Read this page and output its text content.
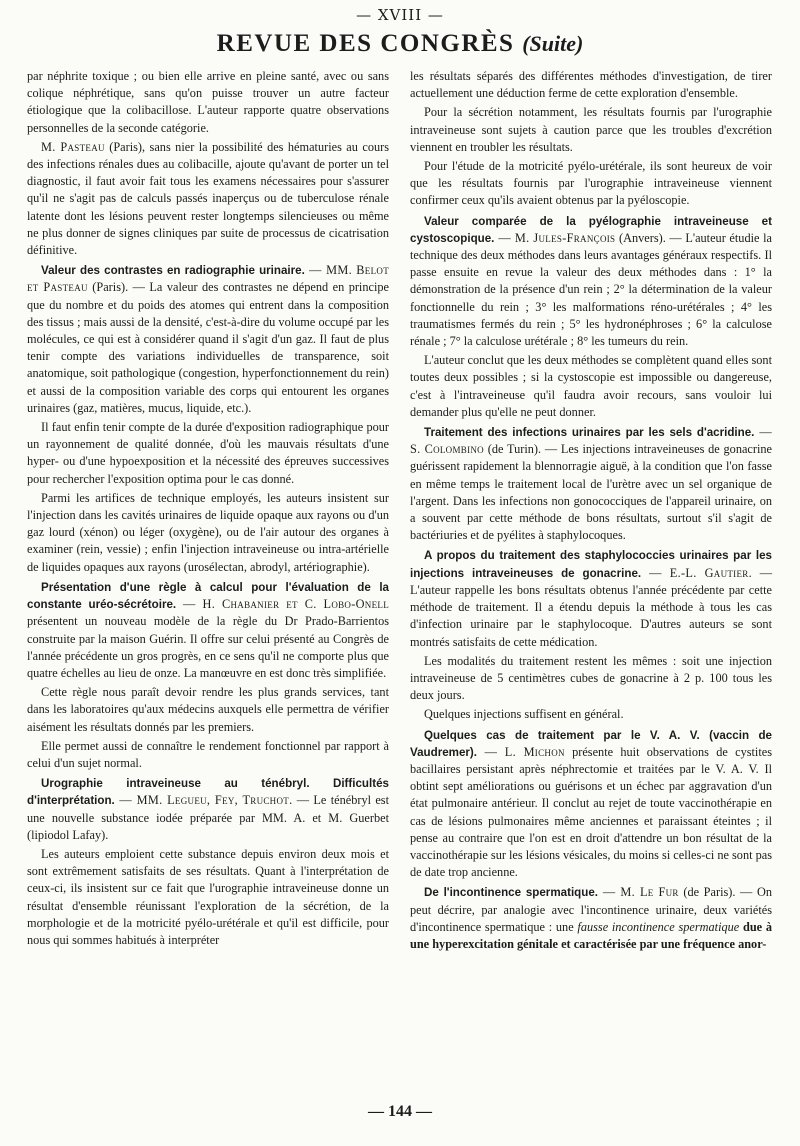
— XVIII —
REVUE DES CONGRÈS (Suite)

par néphrite toxique ; ou bien elle arrive en pleine santé, avec ou sans colique néphrétique, sans qu'on puisse trouver un autre facteur étiologique que la colibacillose. L'auteur rapporte quatre observations personnelles de la seconde catégorie.

M. Pasteau (Paris), sans nier la possibilité des hématuries au cours des infections rénales dues au colibacille, ajoute qu'avant de porter un tel diagnostic, il faut avoir fait tous les examens nécessaires pour s'assurer qu'il ne s'agit pas de calculs passés inaperçus ou de tuberculose rénale latente dont les lésions peuvent rester longtemps silencieuses ou même ne plus donner de signes cliniques par suite de processus de cicatrisation définitive.

Valeur des contrastes en radiographie urinaire. — MM. Belot et Pasteau (Paris). — La valeur des contrastes ne dépend en principe que du nombre et du poids des atomes qui entrent dans la composition des tissus ; mais aussi de la densité, c'est-à-dire du volume occupé par les molécules, ce qui est à considérer quand il s'agit d'un gaz. Il faut de plus tenir compte des variations individuelles de transparence, soit anatomique, soit pathologique (congestion, hyperfonctionnement du rein) et aussi de la composition variable des corps qui entourent les organes urinaires (gaz, matières, mucus, liquide, etc.).

Il faut enfin tenir compte de la durée d'exposition radiographique pour un rayonnement de qualité donnée, d'où les mauvais résultats d'une hyper- ou d'une hypoexposition et la nécessité des épreuves successives pour rechercher l'exposition optima pour le cas donné.

Parmi les artifices de technique employés, les auteurs insistent sur l'injection dans les cavités urinaires de liquide opaque aux rayons ou d'un gaz lourd (xénon) ou léger (oxygène), ou de l'air autour des organes à examiner (rein, vessie) ; enfin l'injection intraveineuse ou intra-artérielle de liquides opaques aux rayons (urosélectan, abrodyl, artériographie).

Présentation d'une règle à calcul pour l'évaluation de la constante uréo-sécrétoire. — H. Chabanier et C. Lobo-Onell présentent un nouveau modèle de la règle du Dr Prado-Barrientos construite par la maison Guérin. Il offre sur celui présenté au Congrès de l'année précédente un gros progrès, en ce sens qu'il ne comporte plus que quatre échelles au lieu de onze. La manœuvre en est donc très simplifiée.

Cette règle nous paraît devoir rendre les plus grands services, tant dans les laboratoires qu'aux médecins auxquels elle permettra de vérifier aisément les résultats donnés par les premiers.

Elle permet aussi de connaître le rendement fonctionnel par rapport à celui d'un sujet normal.

Urographie intraveineuse au ténébryl. Difficultés d'interprétation. — MM. Legueu, Fey, Truchot. — Le ténébryl est une nouvelle substance iodée préparée par MM. A. et M. Guerbet (lipiodol Lafay).

Les auteurs emploient cette substance depuis environ deux mois et sont extrêmement satisfaits de ses résultats. Quant à l'interprétation de ceux-ci, ils insistent sur ce fait que l'urographie intraveineuse donne un résultat d'ensemble réunissant l'exploration de la sécrétion, de la morphologie et de la motricité pyélo-urétérale et qu'il est difficile, pour nous qui sommes habitués à interpréter

les résultats séparés des différentes méthodes d'investigation, de tirer actuellement une déduction ferme de cette exploration d'ensemble.

Pour la sécrétion notamment, les résultats fournis par l'urographie intraveineuse sont sujets à caution parce que les troubles d'excrétion viennent en troubler les résultats.

Pour l'étude de la motricité pyélo-urétérale, ils sont heureux de voir que les résultats fournis par l'urographie intraveineuse viennent confirmer ceux qu'ils avaient obtenus par la pyéloscopie.

Valeur comparée de la pyélographie intraveineuse et cystoscopique. — M. Jules-François (Anvers). — L'auteur étudie la technique des deux méthodes dans leurs avantages généraux respectifs. Il passe ensuite en revue la valeur des deux méthodes dans : 1° la démonstration de la présence d'un rein ; 2° la détermination de la valeur fonctionnelle du rein ; 3° les malformations réno-urétérales ; 4° les traumatismes fermés du rein ; 5° les hydronéphroses ; 6° la calculose rénale ; 7° la calculose urétérale ; 8° les tumeurs du rein.

L'auteur conclut que les deux méthodes se complètent quand elles sont toutes deux possibles ; si la cystoscopie est impossible ou dangereuse, c'est à l'intraveineuse qu'il faudra avoir recours, sans vouloir lui demander plus qu'elle ne peut donner.

Traitement des infections urinaires par les sels d'acridine. — S. Colombino (de Turin). — Les injections intraveineuses de gonacrine guérissent rapidement la blennorragie aiguë, à la condition que l'on fasse en même temps le traitement local de l'urètre avec un sel organique de l'argent. Dans les infections non gonococciques de l'appareil urinaire, on a souvent par cette méthode de bons résultats, surtout s'il s'agit de bactériuries et de pyélites à staphylocoques.

A propos du traitement des staphylococcies urinaires par les injections intraveineuses de gonacrine. — E.-L. Gautier. — L'auteur rappelle les bons résultats obtenus l'année précédente par cette méthode de traitement. Il a étendu depuis la méthode à tous les cas d'infection urinaire par le staphylocoque. D'autres auteurs se sont montrés satisfaits de cette médication.

Les modalités du traitement restent les mêmes : soit une injection intraveineuse de 5 centimètres cubes de gonacrine à 2 p. 100 tous les deux jours.

Quelques injections suffisent en général.

Quelques cas de traitement par le V. A. V. (vaccin de Vaudremer). — L. Michon présente huit observations de cystites bacillaires persistant après néphrectomie et traitées par le V. A. V. Il obtint sept améliorations ou guérisons et un échec par aggravation d'un état pulmonaire antérieur. Il conclut au rejet de toute vaccinothérapie en cas de lésions pulmonaires même anciennes et paraissant éteintes ; il pense au contraire que l'on est en droit d'attendre un bon résultat de la vaccinothérapie sur les lésions vésicales, du moins si celles-ci ne sont pas de date trop ancienne.

De l'incontinence spermatique. — M. Le Fur (de Paris). — On peut décrire, par analogie avec l'incontinence urinaire, deux variétés d'incontinence spermatique : une fausse incontinence spermatique due à une hyperexcitation génitale et caractérisée par une fréquence anor-

— 144 —
